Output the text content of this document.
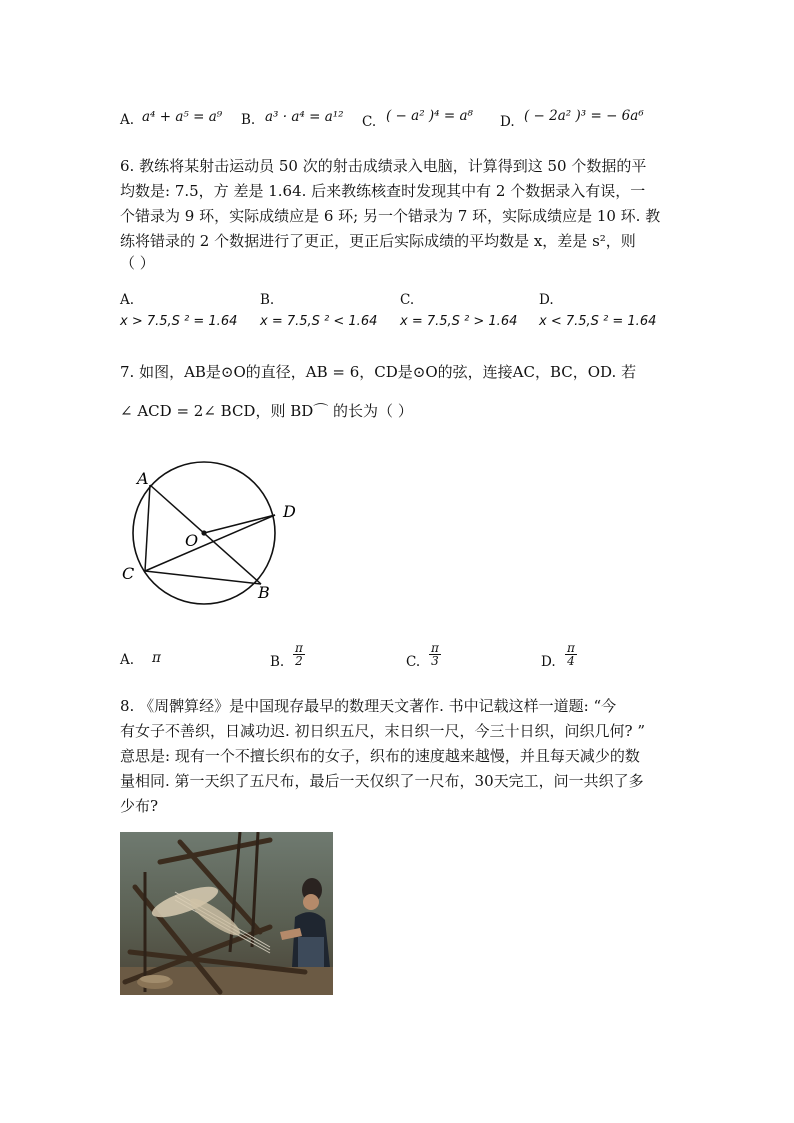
A. a⁴ + a⁵ = a⁹ B. a³ · a⁴ = a¹² C. ( − a² )⁴ = a⁸ D. ( − 2a² )³ = − 6a⁶
6. 教练将某射击运动员 50 次的射击成绩录入电脑，计算得到这 50 个数据的平
均数是: 7.5，方 差是 1.64. 后来教练核查时发现其中有 2 个数据录入有误，一
个错录为 9 环，实际成绩应是 6 环; 另一个错录为 7 环，实际成绩应是 10 环. 教
练将错录的 2 个数据进行了更正，更正后实际成绩的平均数是 x，差是 s²，则
（ ）
A.
x > 7.5,S ² = 1.64
B.
x = 7.5,S ² < 1.64
C.
x = 7.5,S ² > 1.64
D.
x < 7.5,S ² = 1.64
7. 如图，AB是⊙O的直径，AB = 6，CD是⊙O的弦，连接AC，BC，OD. 若
∠ ACD = 2∠ BCD，则 BD⌒ 的长为（ ）
A
O
D
C
B
A. π	B. $\frac{\pi}{2}$	C. $\frac{\pi}{3}$	D. $\frac{\pi}{4}$
8. 《周髀算经》是中国现存最早的数理天文著作. 书中记载这样一道题: “今
有女子不善织，日减功迟. 初日织五尺，末日织一尺，今三十日织，问织几何? ”
意思是: 现有一个不擅长织布的女子，织布的速度越来越慢，并且每天减少的数
量相同. 第一天织了五尺布，最后一天仅织了一尺布，30天完工，问一共织了多
少布?
